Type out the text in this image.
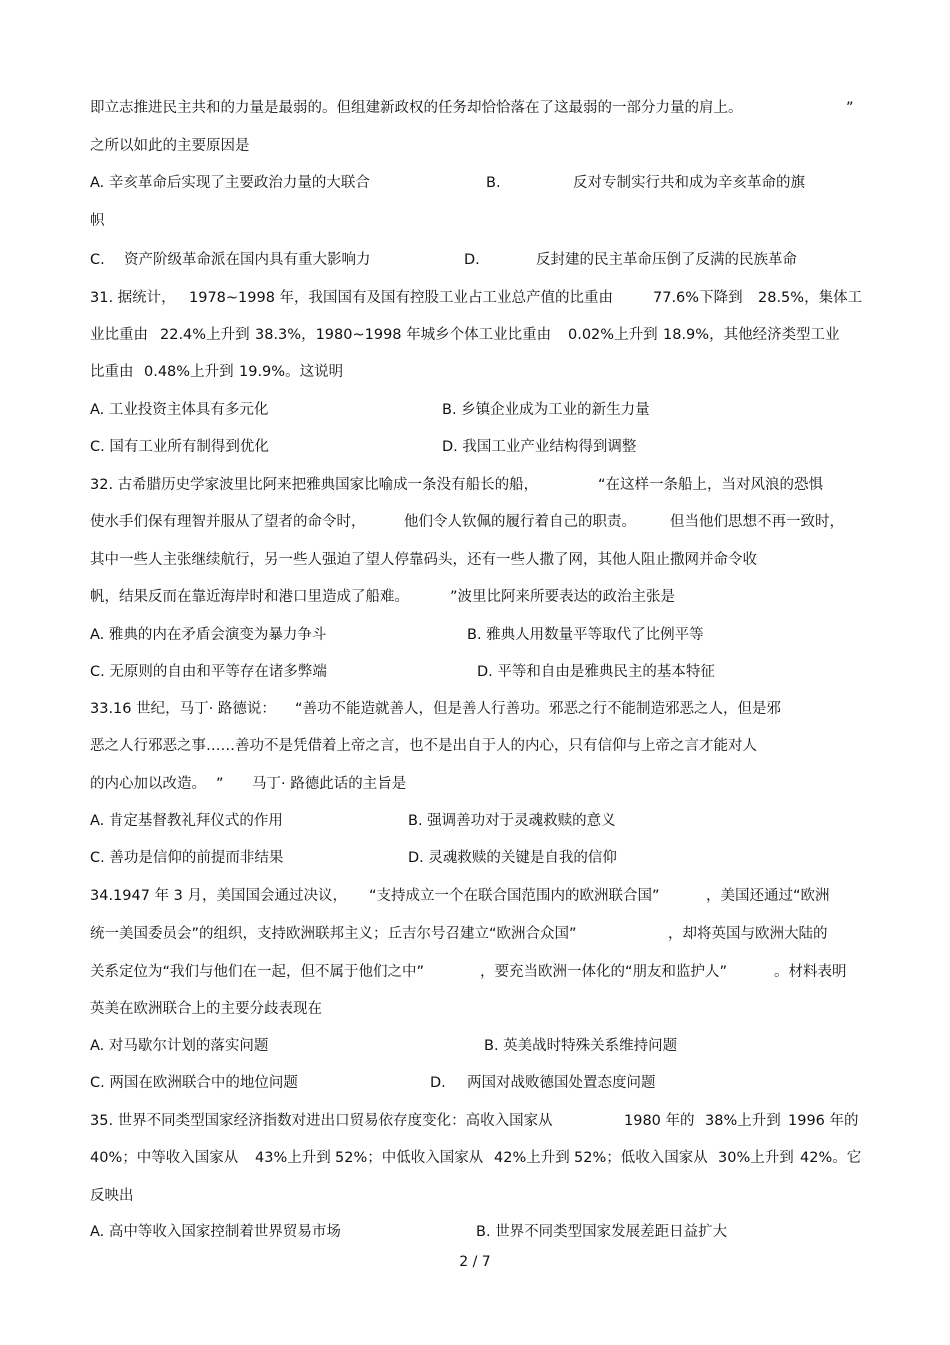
即立志推进民主共和的力量是最弱的。但组建新政权的任务却恰恰落在了这最弱的一部分力量的肩上。	”
之所以如此的主要原因是
A. 辛亥革命后实现了主要政治力量的大联合	B.	反对专制实行共和成为辛亥革命的旗
帜
C. 资产阶级革命派在国内具有重大影响力	D.	反封建的民主革命压倒了反满的民族革命
31. 据统计， 1978~1998 年，我国国有及国有控股工业占工业总产值的比重由	77.6%下降到 28.5%，集体工
业比重由 22.4%上升到 38.3%，1980~1998 年城乡个体工业比重由 0.02%上升到 18.9%，其他经济类型工业
比重由 0.48%上升到 19.9%。这说明
A. 工业投资主体具有多元化	B. 乡镇企业成为工业的新生力量
C. 国有工业所有制得到优化	D. 我国工业产业结构得到调整
32. 古希腊历史学家波里比阿来把雅典国家比喻成一条没有船长的船，	“在这样一条船上，当对风浪的恐惧
使水手们保有理智并服从了望者的命令时，	他们令人钦佩的履行着自己的职责。 但当他们思想不再一致时，
其中一些人主张继续航行，另一些人强迫了望人停靠码头，还有一些人撒了网，其他人阻止撒网并命令收
帆，结果反而在靠近海岸时和港口里造成了船难。	”波里比阿来所要表达的政治主张是
A. 雅典的内在矛盾会演变为暴力争斗	B. 雅典人用数量平等取代了比例平等
C. 无原则的自由和平等存在诸多弊端	D. 平等和自由是雅典民主的基本特征
33.16 世纪，马丁· 路德说： “善功不能造就善人，但是善人行善功。邪恶之行不能制造邪恶之人，但是邪
恶之人行邪恶之事……善功不是凭借着上帝之言，也不是出自于人的内心，只有信仰与上帝之言才能对人
的内心加以改造。 ” 马丁· 路德此话的主旨是
A. 肯定基督教礼拜仪式的作用	B. 强调善功对于灵魂救赎的意义
C. 善功是信仰的前提而非结果	D. 灵魂救赎的关键是自我的信仰
34.1947 年 3 月，美国国会通过决议， “支持成立一个在联合国范围内的欧洲联合国”	，美国还通过“欧洲
统一美国委员会”的组织，支持欧洲联邦主义；丘吉尔号召建立“欧洲合众国”	，却将英国与欧洲大陆的
关系定位为“我们与他们在一起，但不属于他们之中”	，要充当欧洲一体化的“朋友和监护人”	。材料表明
英美在欧洲联合上的主要分歧表现在
A. 对马歇尔计划的落实问题	B. 英美战时特殊关系维持问题
C. 两国在欧洲联合中的地位问题	D. 两国对战败德国处置态度问题
35. 世界不同类型国家经济指数对进出口贸易依存度变化：高收入国家从	1980 年的 38%上升到 1996 年的
40%；中等收入国家从 43%上升到 52%；中低收入国家从 42%上升到 52%；低收入国家从 30%上升到 42%。它
反映出
A. 高中等收入国家控制着世界贸易市场	B. 世界不同类型国家发展差距日益扩大
2 / 7
